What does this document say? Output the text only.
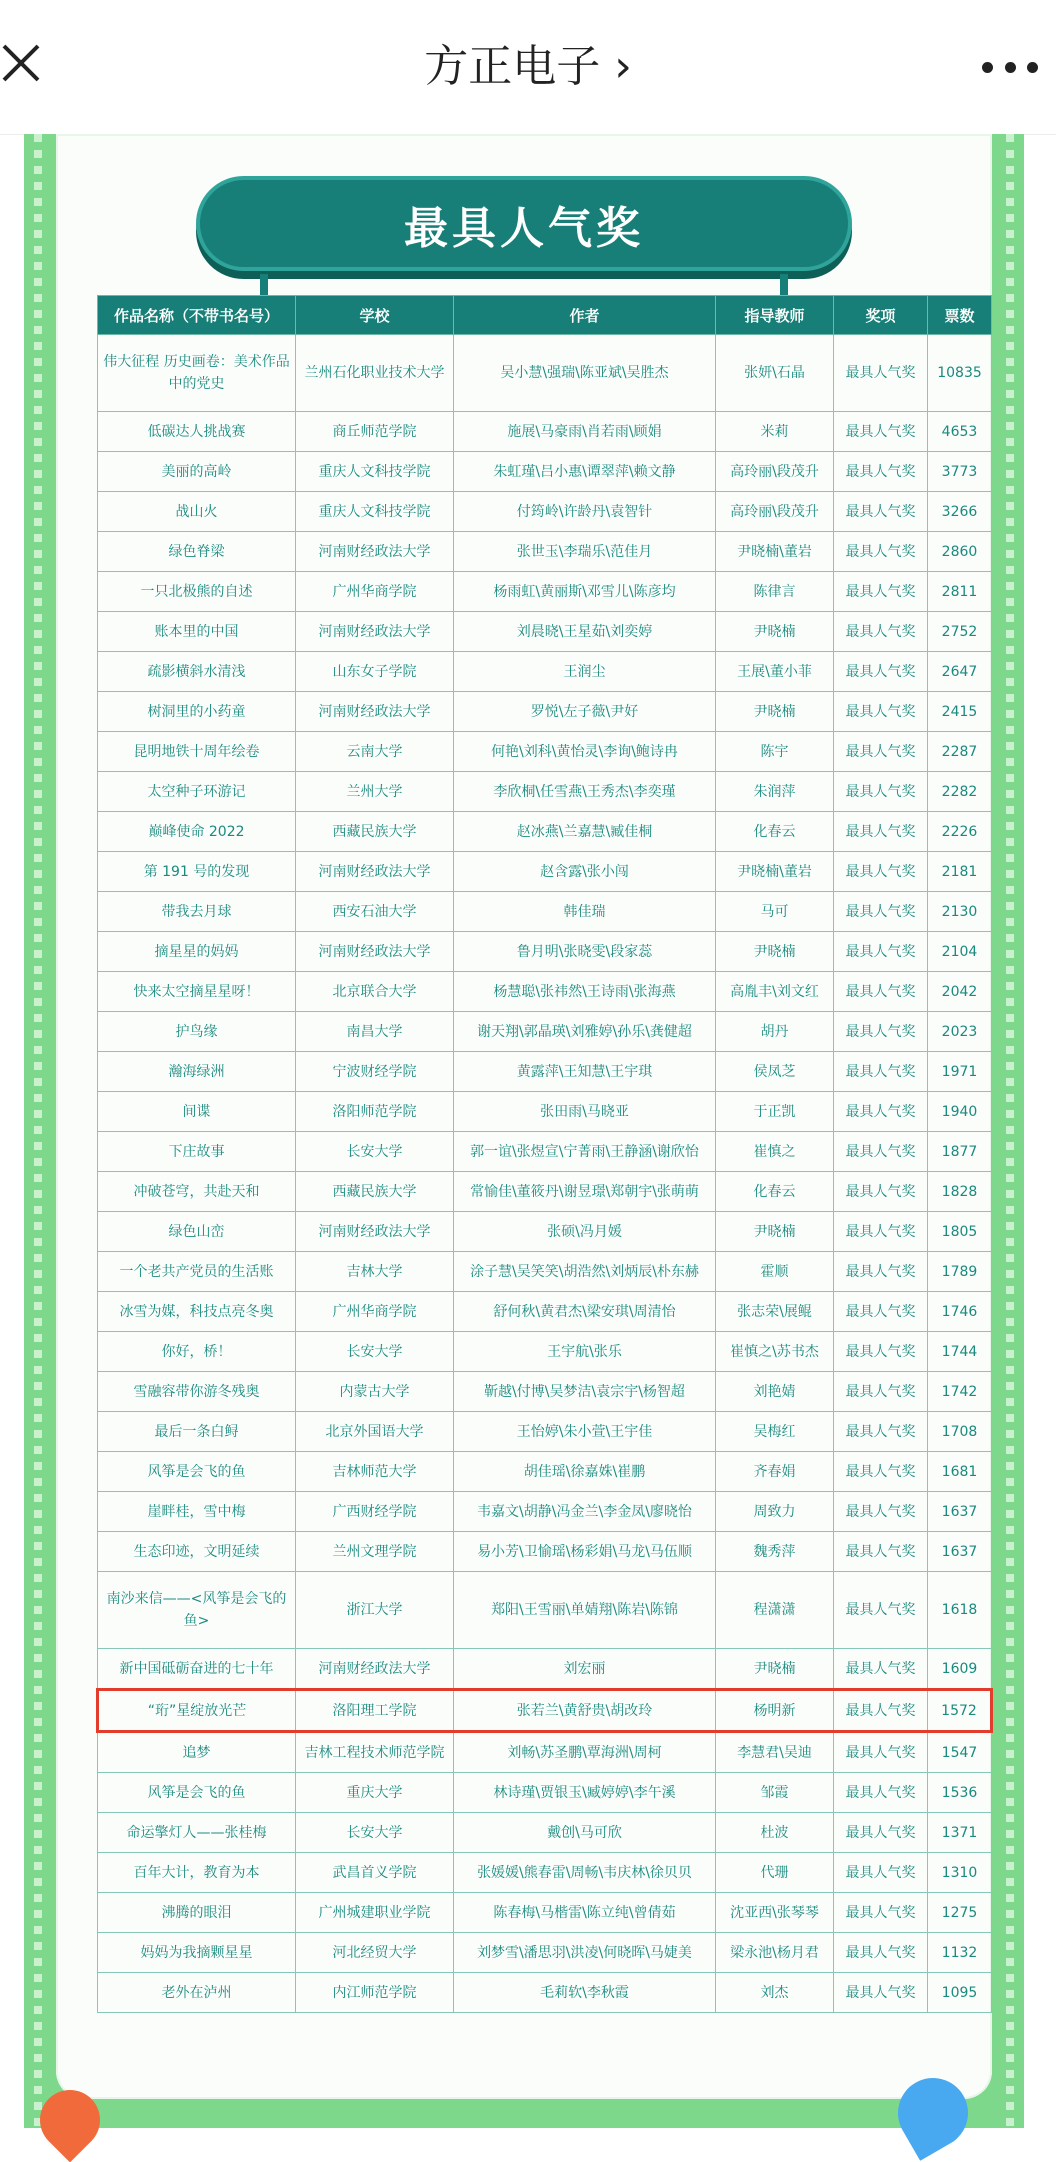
方正电子 ›
最具人气奖
作品名称（不带书名号）	学校	作者	指导教师	奖项	票数
伟大征程 历史画卷：美术作品中的党史	兰州石化职业技术大学	吴小慧\强瑞\陈亚斌\吴胜杰	张妍\石晶	最具人气奖	10835
低碳达人挑战赛	商丘师范学院	施展\马豪雨\肖若雨\顾娟	米莉	最具人气奖	4653
美丽的高岭	重庆人文科技学院	朱虹瑾\吕小惠\谭翠萍\赖文静	高玲丽\段茂升	最具人气奖	3773
战山火	重庆人文科技学院	付筠岭\许龄丹\袁智针	高玲丽\段茂升	最具人气奖	3266
绿色脊梁	河南财经政法大学	张世玉\李瑞乐\范佳月	尹晓楠\董岩	最具人气奖	2860
一只北极熊的自述	广州华商学院	杨雨虹\黄丽斯\邓雪儿\陈彦均	陈律言	最具人气奖	2811
账本里的中国	河南财经政法大学	刘晨晓\王星茹\刘奕婷	尹晓楠	最具人气奖	2752
疏影横斜水清浅	山东女子学院	王润尘	王展\董小菲	最具人气奖	2647
树洞里的小药童	河南财经政法大学	罗悦\左子薇\尹好	尹晓楠	最具人气奖	2415
昆明地铁十周年绘卷	云南大学	何艳\刘科\黄怡灵\李询\鲍诗冉	陈宇	最具人气奖	2287
太空种子环游记	兰州大学	李欣桐\任雪燕\王秀杰\李奕瑾	朱润萍	最具人气奖	2282
巅峰使命 2022	西藏民族大学	赵冰燕\兰嘉慧\臧佳桐	化春云	最具人气奖	2226
第 191 号的发现	河南财经政法大学	赵含露\张小闯	尹晓楠\董岩	最具人气奖	2181
带我去月球	西安石油大学	韩佳瑞	马可	最具人气奖	2130
摘星星的妈妈	河南财经政法大学	鲁月明\张晓雯\段家蕊	尹晓楠	最具人气奖	2104
快来太空摘星星呀！	北京联合大学	杨慧聪\张祎然\王诗雨\张海燕	高胤丰\刘文红	最具人气奖	2042
护鸟缘	南昌大学	谢天翔\郭晶瑛\刘雅婷\孙乐\龚健超	胡丹	最具人气奖	2023
瀚海绿洲	宁波财经学院	黄露萍\王知慧\王宇琪	侯凤芝	最具人气奖	1971
间谍	洛阳师范学院	张田雨\马晓亚	于正凯	最具人气奖	1940
下庄故事	长安大学	郭一谊\张煜宣\宁菁雨\王静涵\谢欣怡	崔慎之	最具人气奖	1877
冲破苍穹，共赴天和	西藏民族大学	常愉佳\董筱丹\谢昱璟\郑朝宇\张萌萌	化春云	最具人气奖	1828
绿色山峦	河南财经政法大学	张硕\冯月媛	尹晓楠	最具人气奖	1805
一个老共产党员的生活账	吉林大学	涂子慧\吴笑笑\胡浩然\刘炳辰\朴东赫	霍顺	最具人气奖	1789
冰雪为媒，科技点亮冬奥	广州华商学院	舒何秋\黄君杰\梁安琪\周清怡	张志荣\展鲲	最具人气奖	1746
你好，桥！	长安大学	王宇航\张乐	崔慎之\苏书杰	最具人气奖	1744
雪融容带你游冬残奥	内蒙古大学	靳越\付博\吴梦洁\袁宗宇\杨智超	刘艳婧	最具人气奖	1742
最后一条白鲟	北京外国语大学	王怡婷\朱小萱\王宇佳	吴梅红	最具人气奖	1708
风筝是会飞的鱼	吉林师范大学	胡佳瑶\徐嘉姝\崔鹏	齐春娟	最具人气奖	1681
崖畔桂，雪中梅	广西财经学院	韦嘉文\胡静\冯金兰\李金凤\廖晓怡	周致力	最具人气奖	1637
生态印迹，文明延续	兰州文理学院	易小芳\卫愉瑶\杨彩娟\马龙\马伍顺	魏秀萍	最具人气奖	1637
南沙来信——<风筝是会飞的鱼>	浙江大学	郑阳\王雪丽\单婧翔\陈岩\陈锦	程潇潇	最具人气奖	1618
新中国砥砺奋进的七十年	河南财经政法大学	刘宏丽	尹晓楠	最具人气奖	1609
“珩”星绽放光芒	洛阳理工学院	张若兰\黄舒贵\胡改玲	杨明新	最具人气奖	1572
追梦	吉林工程技术师范学院	刘畅\苏圣鹏\覃海洲\周柯	李慧君\吴迪	最具人气奖	1547
风筝是会飞的鱼	重庆大学	林诗瑾\贾银玉\臧婷婷\李午溪	邹霞	最具人气奖	1536
命运擎灯人——张桂梅	长安大学	戴创\马可欣	杜波	最具人气奖	1371
百年大计，教育为本	武昌首义学院	张媛媛\熊春雷\周畅\韦庆林\徐贝贝	代珊	最具人气奖	1310
沸腾的眼泪	广州城建职业学院	陈春梅\马楷雷\陈立纯\曾倩茹	沈亚西\张琴琴	最具人气奖	1275
妈妈为我摘颗星星	河北经贸大学	刘梦雪\潘思羽\洪凌\何晓晖\马婕美	梁永池\杨月君	最具人气奖	1132
老外在泸州	内江师范学院	毛莉软\李秋霞	刘杰	最具人气奖	1095
